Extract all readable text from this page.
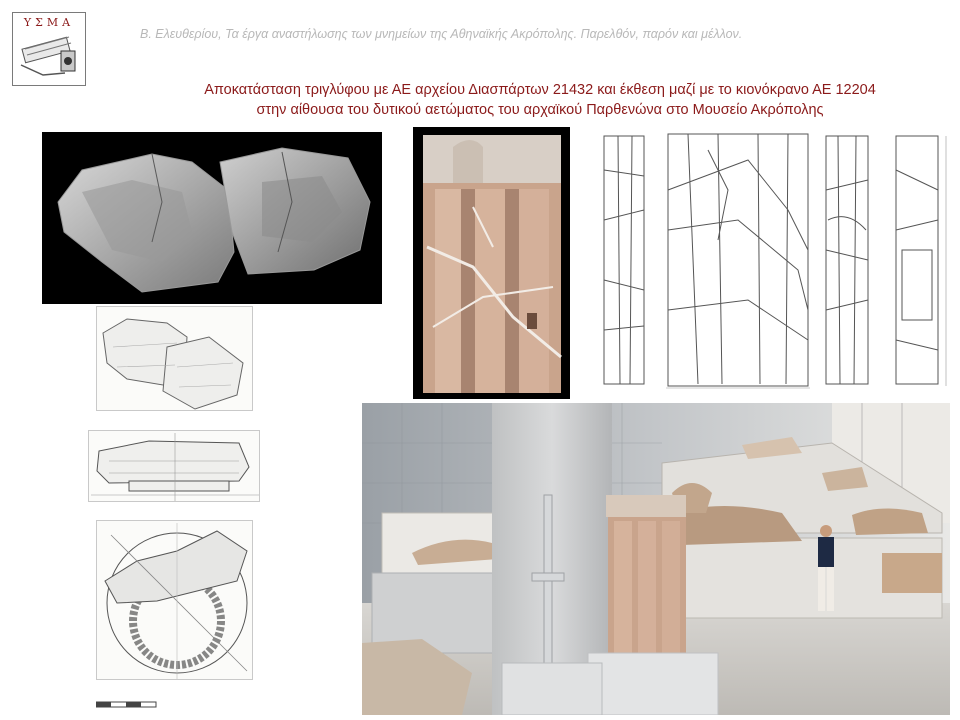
ΥΣΜΑ
Β. Ελευθερίου, Τα έργα αναστήλωσης των μνημείων της Αθηναϊκής Ακρόπολης. Παρελθόν, παρόν και μέλλον.
Αποκατάσταση τριγλύφου με ΑΕ αρχείου Διασπάρτων 21432 και έκθεση μαζί με το κιονόκρανο ΑΕ 12204
στην αίθουσα του δυτικού αετώματος του αρχαϊκού Παρθενώνα στο Μουσείο Ακρόπολης
